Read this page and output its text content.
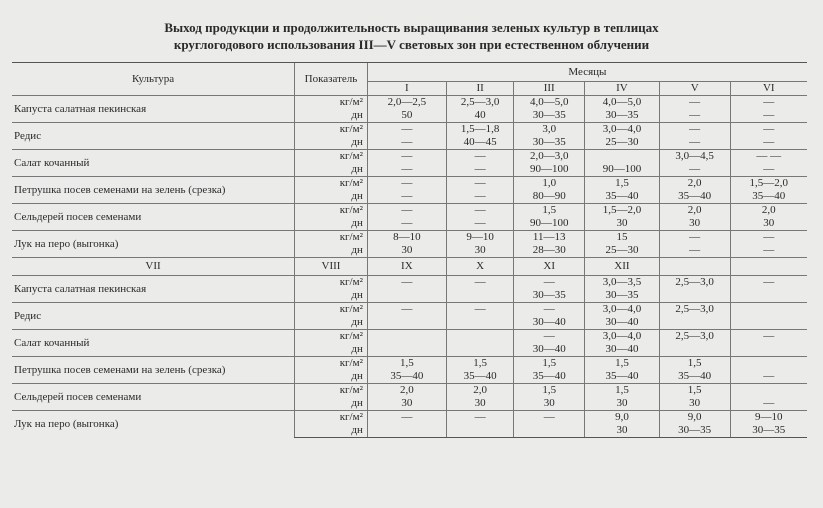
Выход продукции и продолжительность выращивания зеленых культур в теплицах
круглогодового использования III—V световых зон при естественном облучении
Культура	Показатель	Месяцы					
		I	II	III	IV	V	VI
Капуста салатная пекинская	кг/м²	2,0—2,5	2,5—3,0	4,0—5,0	4,0—5,0	—	—
	дн	50	40	30—35	30—35	—	—
Редис	кг/м²	—	1,5—1,8	3,0	3,0—4,0	—	—
	дн	—	40—45	30—35	25—30	—	—
Салат кочанный	кг/м²	—	—	2,0—3,0		3,0—4,5	— —
	дн	—	—	90—100	90—100	—	—
Петрушка посев семенами на зелень (срезка)	кг/м²	—	—	1,0	1,5	2,0	1,5—2,0
	дн	—	—	80—90	35—40	35—40	35—40
Сельдерей посев семенами	кг/м²	—	—	1,5	1,5—2,0	2,0	2,0
	дн	—	—	90—100	30	30	30
Лук на перо (выгонка)	кг/м²	8—10	9—10	11—13	15	—	—
	дн	30	30	28—30	25—30	—	—
VII	VIII	IX	X	XI	XII		
Капуста салатная пекинская	кг/м²	—	—	—	3,0—3,5	2,5—3,0	—
	дн			30—35	30—35		
Редис	кг/м²	—	—	—	3,0—4,0	2,5—3,0	
	дн			30—40	30—40		
Салат кочанный	кг/м²			—	3,0—4,0	2,5—3,0	—
	дн			30—40	30—40		
Петрушка посев семенами на зелень (срезка)	кг/м²	1,5	1,5	1,5	1,5	1,5	
	дн	35—40	35—40	35—40	35—40	35—40	—
Сельдерей посев семенами	кг/м²	2,0	2,0	1,5	1,5	1,5	
	дн	30	30	30	30	30	—
Лук на перо (выгонка)	кг/м²	—	—	—	9,0	9,0	9—10
	дн				30	30—35	30—35
